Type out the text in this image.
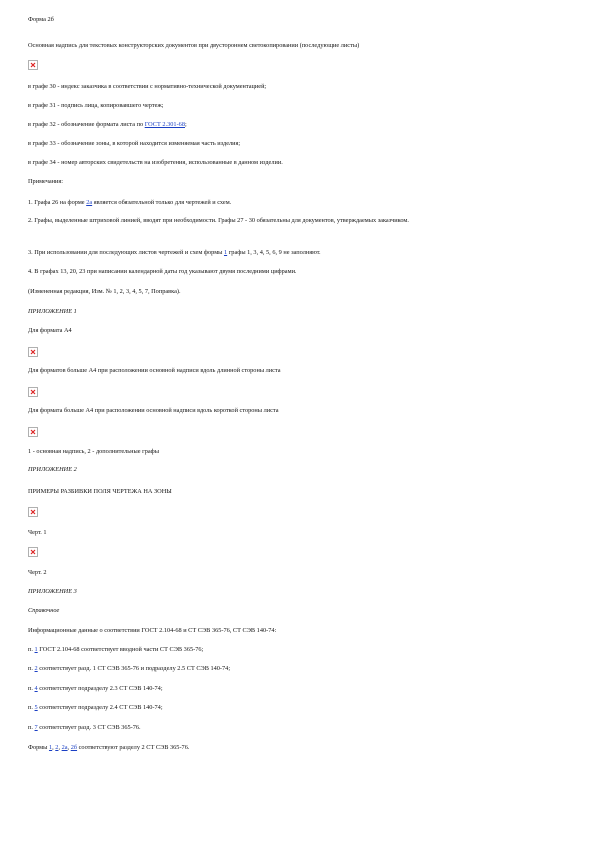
Форма 2б
Основная надпись для текстовых конструкторских документов при двустороннем светокопировании (последующие листы)
в графе 30 - индекс заказчика в соответствии с нормативно-технической документацией;
в графе 31 - подпись лица, копировавшего чертеж;
в графе 32 - обозначение формата листа по ГОСТ 2.301-68;
в графе 33 - обозначение зоны, в которой находится изменяемая часть изделия;
в графе 34 - номер авторских свидетельств на изобретения, использованные в данном изделии.
Примечания:
1. Графа 26 на форме 2а является обязательной только для чертежей и схем.
2. Графы, выделенные штриховой линией, вводят при необходимости. Графы 27 - 30 обязательны для документов, утверждаемых заказчиком.
3. При использовании для последующих листов чертежей и схем формы 1 графы 1, 3, 4, 5, 6, 9 не заполняют.
4. В графах 13, 20, 23 при написании календарной даты год указывают двумя последними цифрами.
(Измененная редакция, Изм. № 1, 2, 3, 4, 5, 7, Поправка).
ПРИЛОЖЕНИЕ 1
Для формата А4
Для форматов больше А4 при расположении основной надписи вдоль длинной стороны листа
Для формата больше А4 при расположении основной надписи вдоль короткой стороны листа
1 - основная надпись, 2 - дополнительные графы
ПРИЛОЖЕНИЕ 2
ПРИМЕРЫ РАЗБИВКИ ПОЛЯ ЧЕРТЕЖА НА ЗОНЫ
Черт. 1
Черт. 2
ПРИЛОЖЕНИЕ 3
Справочное
Информационные данные о соответствии ГОСТ 2.104-68 и СТ СЭВ 365-76, СТ СЭВ 140-74:
п. 1 ГОСТ 2.104-68 соответствует вводной части СТ СЭВ 365-76;
п. 2 соответствует разд. 1 СТ СЭВ 365-76 и подразделу 2.5 СТ СЭВ 140-74;
п. 4 соответствует подразделу 2.3 СТ СЭВ 140-74;
п. 5 соответствует подразделу 2.4 СТ СЭВ 140-74;
п. 7 соответствует разд. 3 СТ СЭВ 365-76.
Формы 1, 2, 2а, 2б соответствуют разделу 2 СТ СЭВ 365-76.
